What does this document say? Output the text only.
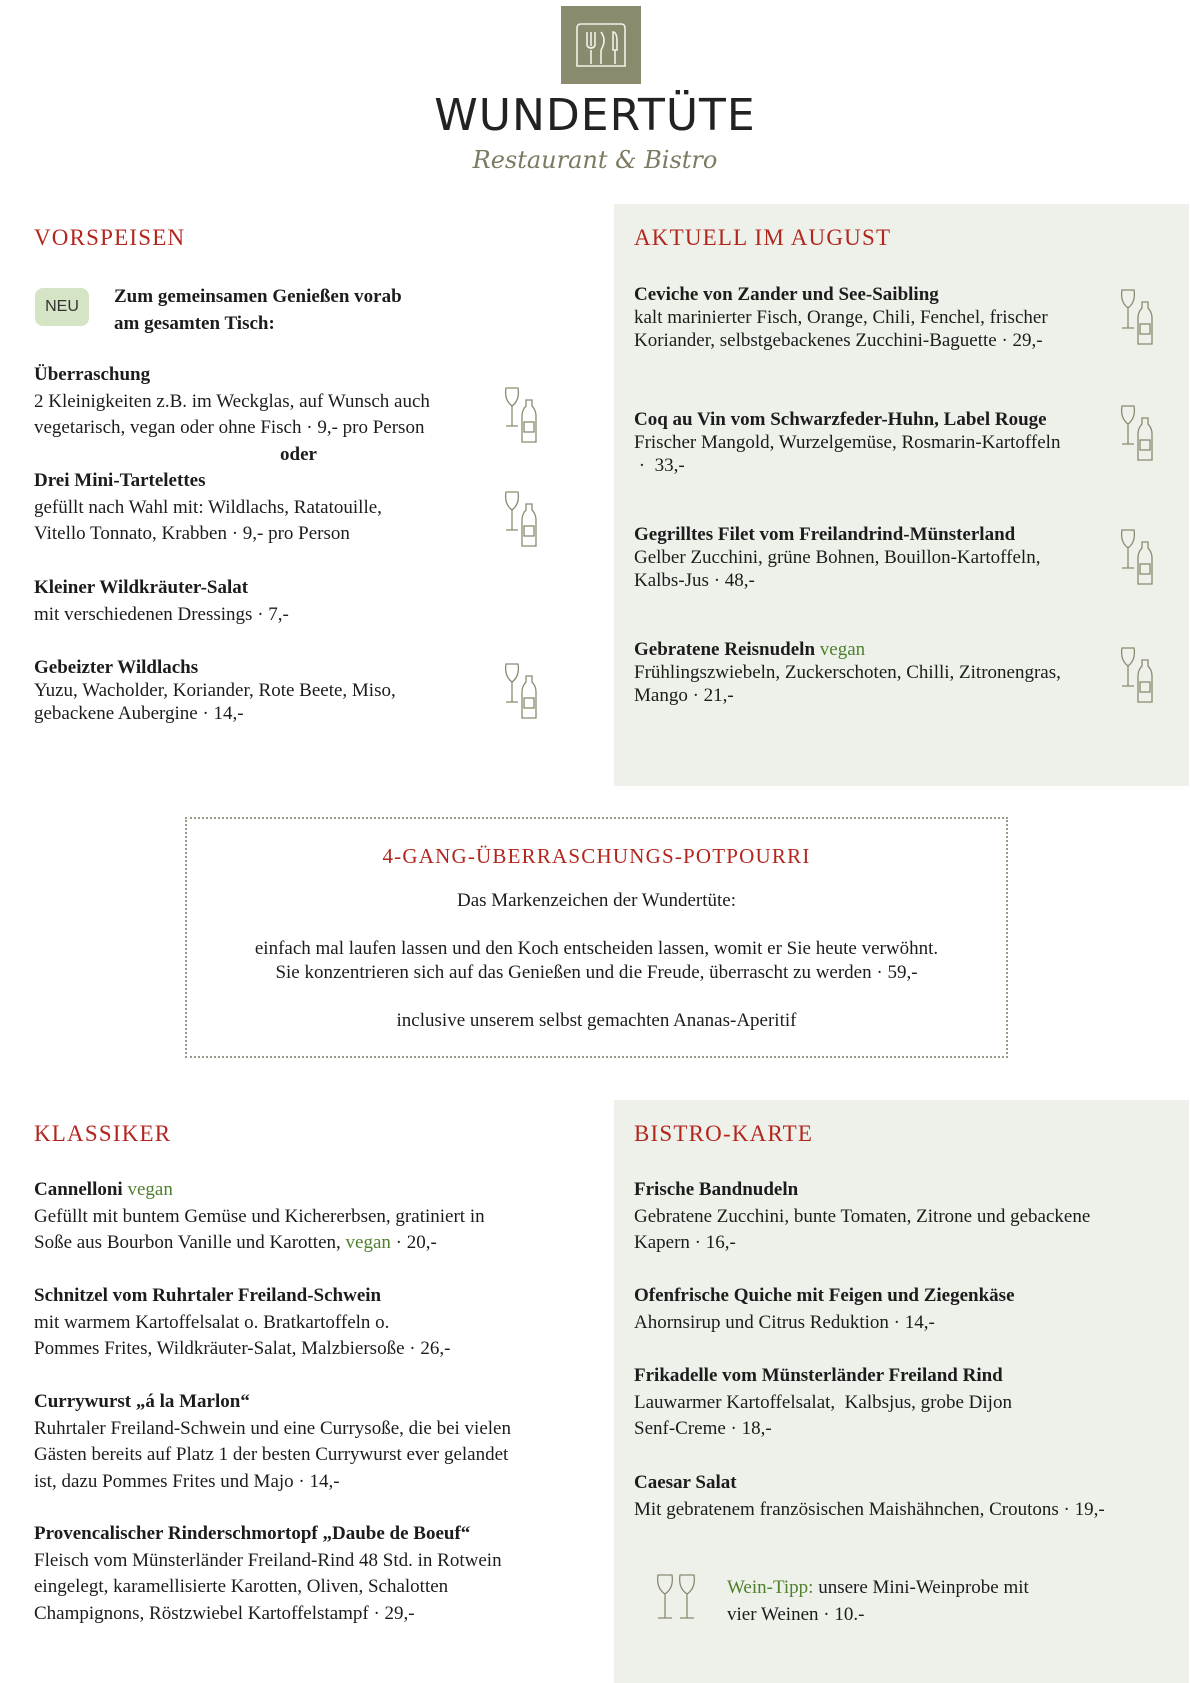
WUNDERTÜTE
Restaurant & Bistro
VORSPEISEN
NEU	Zum gemeinsamen Genießen vorab
am gesamten Tisch:
Überraschung
2 Kleinigkeiten z.B. im Weckglas, auf Wunsch auch
vegetarisch, vegan oder ohne Fisch · 9,- pro Person
oder
Drei Mini-Tartelettes
gefüllt nach Wahl mit: Wildlachs, Ratatouille,
Vitello Tonnato, Krabben · 9,- pro Person
Kleiner Wildkräuter-Salat
mit verschiedenen Dressings · 7,-
Gebeizter Wildlachs
Yuzu, Wacholder, Koriander, Rote Beete, Miso,
gebackene Aubergine · 14,-
AKTUELL IM AUGUST
Ceviche von Zander und See-Saibling
kalt marinierter Fisch, Orange, Chili, Fenchel, frischer
Koriander, selbstgebackenes Zucchini-Baguette · 29,-
Coq au Vin vom Schwarzfeder-Huhn, Label Rouge
Frischer Mangold, Wurzelgemüse, Rosmarin-Kartoffeln
·  33,-
Gegrilltes Filet vom Freilandrind-Münsterland
Gelber Zucchini, grüne Bohnen, Bouillon-Kartoffeln,
Kalbs-Jus · 48,-
Gebratene Reisnudeln vegan
Frühlingszwiebeln, Zuckerschoten, Chilli, Zitronengras,
Mango · 21,-
4-GANG-ÜBERRASCHUNGS-POTPOURRI
Das Markenzeichen der Wundertüte:
einfach mal laufen lassen und den Koch entscheiden lassen, womit er Sie heute verwöhnt.
Sie konzentrieren sich auf das Genießen und die Freude, überrascht zu werden · 59,-
inclusive unserem selbst gemachten Ananas-Aperitif
KLASSIKER
Cannelloni vegan
Gefüllt mit buntem Gemüse und Kichererbsen, gratiniert in
Soße aus Bourbon Vanille und Karotten, vegan · 20,-
Schnitzel vom Ruhrtaler Freiland-Schwein
mit warmem Kartoffelsalat o. Bratkartoffeln o.
Pommes Frites, Wildkräuter-Salat, Malzbiersoße · 26,-
Currywurst „á la Marlon“
Ruhrtaler Freiland-Schwein und eine Currysoße, die bei vielen
Gästen bereits auf Platz 1 der besten Currywurst ever gelandet
ist, dazu Pommes Frites und Majo · 14,-
Provencalischer Rinderschmortopf „Daube de Boeuf“
Fleisch vom Münsterländer Freiland-Rind 48 Std. in Rotwein
eingelegt, karamellisierte Karotten, Oliven, Schalotten
Champignons, Röstzwiebel Kartoffelstampf · 29,-
BISTRO-KARTE
Frische Bandnudeln
Gebratene Zucchini, bunte Tomaten, Zitrone und gebackene
Kapern · 16,-
Ofenfrische Quiche mit Feigen und Ziegenkäse
Ahornsirup und Citrus Reduktion · 14,-
Frikadelle vom Münsterländer Freiland Rind
Lauwarmer Kartoffelsalat,  Kalbsjus, grobe Dijon
Senf-Creme · 18,-
Caesar Salat
Mit gebratenem französischen Maishähnchen, Croutons · 19,-
Wein-Tipp: unsere Mini-Weinprobe mit
vier Weinen · 10.-
